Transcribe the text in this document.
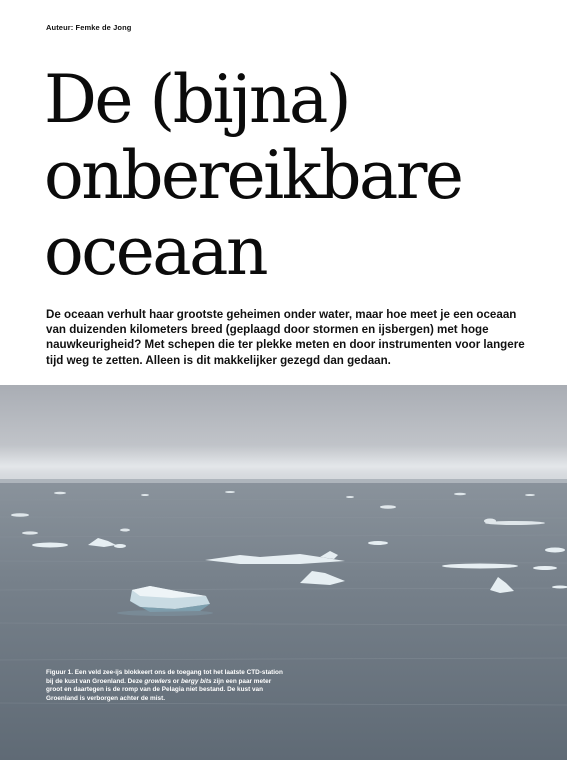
Auteur: Femke de Jong
De (bijna)
onbereikbare
oceaan

De oceaan verhult haar grootste geheimen onder water, maar hoe meet je een oceaan van duizenden kilometers breed (geplaagd door stormen en ijsbergen) met hoge nauwkeurigheid? Met schepen die ter plekke meten en door instrumenten voor langere tijd weg te zetten. Alleen is dit makkelijker gezegd dan gedaan.

Figuur 1. Een veld zee-ijs blokkeert ons de toegang tot het laatste CTD-station bij de kust van Groenland. Deze growlers or bergy bits zijn een paar meter groot en daartegen is de romp van de Pelagia niet bestand. De kust van Groenland is verborgen achter de mist.
